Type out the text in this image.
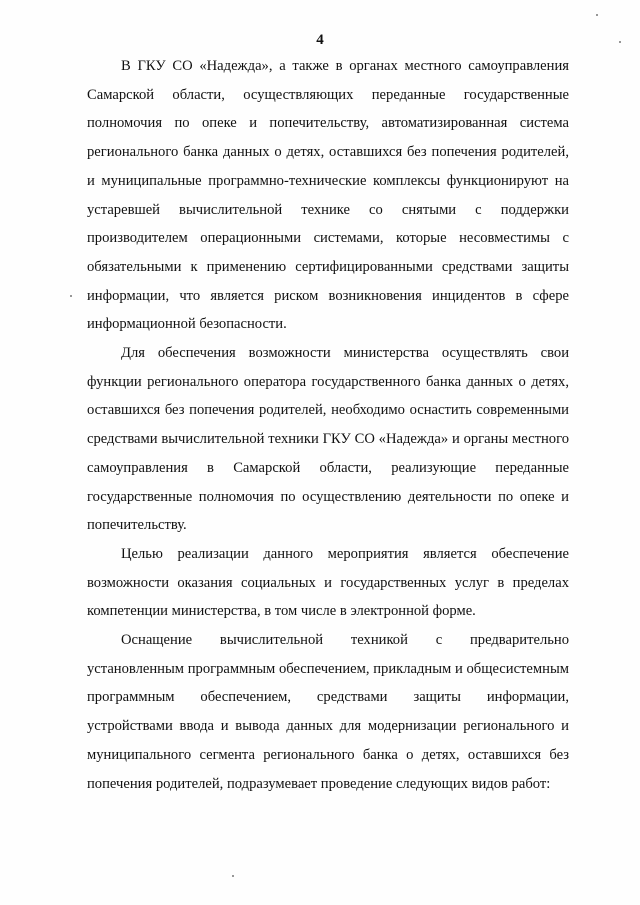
4

В ГКУ СО «Надежда», а также в органах местного самоуправления Самарской области, осуществляющих переданные государственные полномочия по опеке и попечительству, автоматизированная система регионального банка данных о детях, оставшихся без попечения родителей, и муниципальные программно-технические комплексы функционируют на устаревшей вычислительной технике со снятыми с поддержки производителем операционными системами, которые несовместимы с обязательными к применению сертифицированными средствами защиты информации, что является риском возникновения инцидентов в сфере информационной безопасности.

Для обеспечения возможности министерства осуществлять свои функции регионального оператора государственного банка данных о детях, оставшихся без попечения родителей, необходимо оснастить современными средствами вычислительной техники ГКУ СО «Надежда» и органы местного самоуправления в Самарской области, реализующие переданные государственные полномочия по осуществлению деятельности по опеке и попечительству.

Целью реализации данного мероприятия является обеспечение возможности оказания социальных и государственных услуг в пределах компетенции министерства, в том числе в электронной форме.

Оснащение вычислительной техникой с предварительно установленным программным обеспечением, прикладным и общесистемным программным обеспечением, средствами защиты информации, устройствами ввода и вывода данных для модернизации регионального и муниципального сегмента регионального банка о детях, оставшихся без попечения родителей, подразумевает проведение следующих видов работ:
